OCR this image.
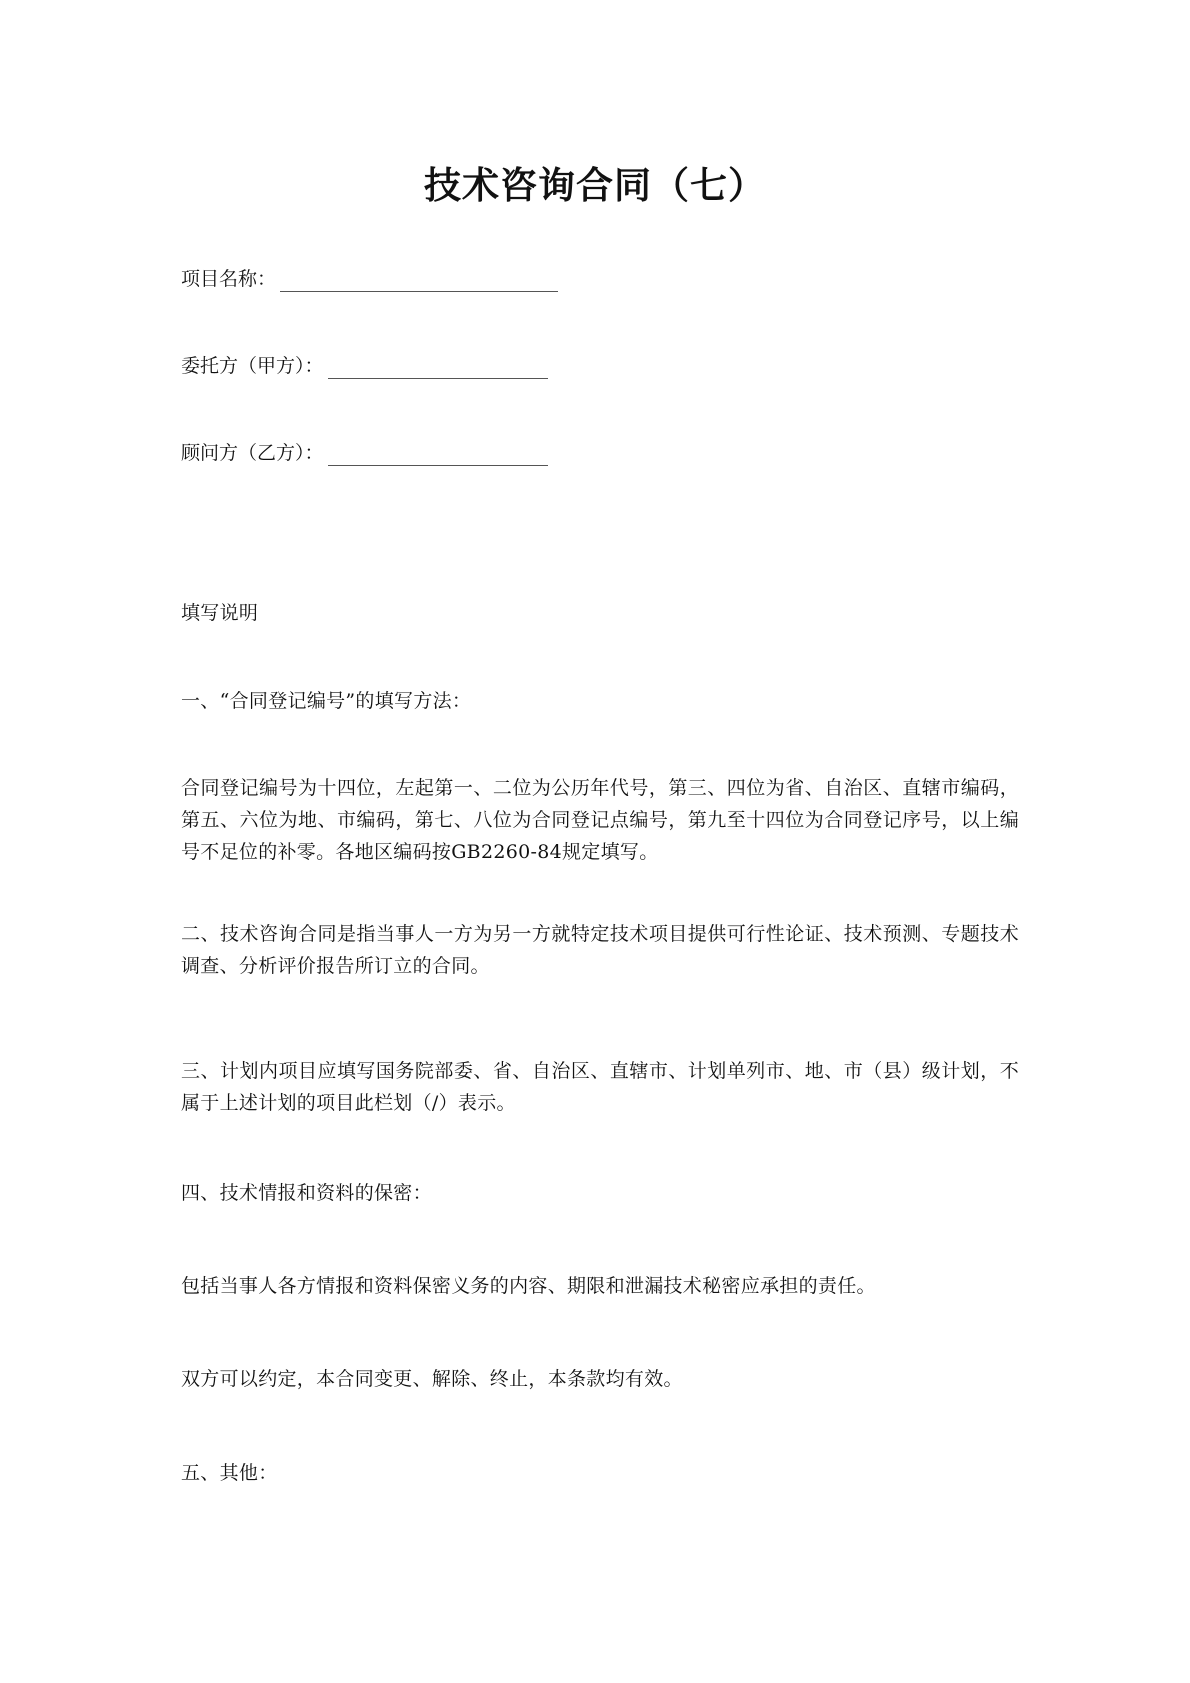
技术咨询合同（七）
项目名称：
委托方（甲方）：
顾问方（乙方）：
填写说明
一、“合同登记编号”的填写方法：
合同登记编号为十四位，左起第一、二位为公历年代号，第三、四位为省、自治区、直辖市编码，第五、六位为地、市编码，第七、八位为合同登记点编号，第九至十四位为合同登记序号，以上编号不足位的补零。各地区编码按GB2260-84规定填写。
二、技术咨询合同是指当事人一方为另一方就特定技术项目提供可行性论证、技术预测、专题技术调查、分析评价报告所订立的合同。
三、计划内项目应填写国务院部委、省、自治区、直辖市、计划单列市、地、市（县）级计划，不属于上述计划的项目此栏划（/）表示。
四、技术情报和资料的保密：
包括当事人各方情报和资料保密义务的内容、期限和泄漏技术秘密应承担的责任。
双方可以约定，本合同变更、解除、终止，本条款均有效。
五、其他：
